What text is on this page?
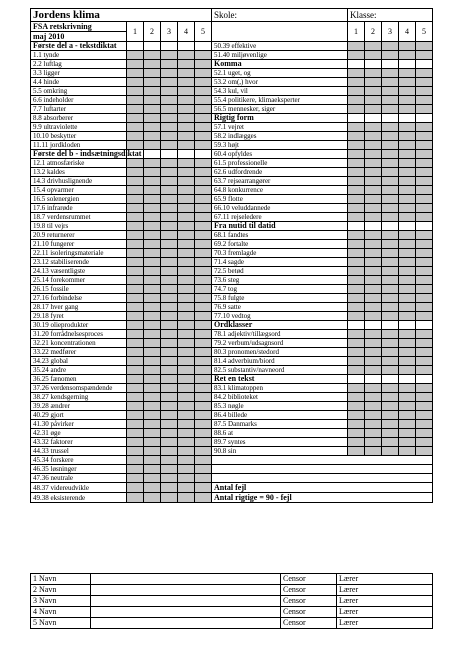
Jordens klima						Skole:	Klasse:				
FSA retskrivning	1	2	3	4	5		1	2	3	4	5
maj 2010											
Første del a - tekstdiktat						50.39 effektive					
1.1 tynde						51.40 miljøvenlige					
2.2 luftlag						Komma					
3.3 ligger						52.1 uget, og					
4.4 hinde						53.2 om(,) hvor					
5.5 omkring						54.3 kul, vil					
6.6 indeholder						55.4 politikere, klimaeksperter					
7.7 luftarter						56.5 mennesker, siger					
8.8 absorberer						Rigtig form					
9.9 ultraviolette						57.1 vejret					
10.10 beskytter						58.2 indlægges					
11.11 jordkloden						59.3 højt					
Første del b - indsætningsdiktat						60.4 opfyldes					
12.1 atmosfæriske						61.5 professionelle					
13.2 kaldes						62.6 udfordrende					
14.3 drivhuslignende						63.7 rejsearrangører					
15.4 opvarmer						64.8 konkurrence					
16.5 solenergien						65.9 flotte					
17.6 infrarøde						66.10 veluddannede					
18.7 verdensrummet						67.11 rejseledere					
19.8 til vejrs						Fra nutid til datid					
20.9 returnerer						68.1 fandtes					
21.10 fungerer						69.2 fortalte					
22.11 isoleringsmateriale						70.3 fremlagde					
23.12 stabiliserende						71.4 sagde					
24.13 væsentligste						72.5 betød					
25.14 forekommer						73.6 steg					
26.15 fossile						74.7 tog					
27.16 forbindelse						75.8 fulgte					
28.17 hver gang						76.9 satte					
29.18 fyret						77.10 vedtog					
30.19 olieprodukter						Ordklasser					
31.20 forrådnelsesproces						78.1 adjektiv/tillægsord					
32.21 koncentrationen						79.2 verbum/udsagnsord					
33.22 medfører						80.3 pronomen/stedord					
34.23 global						81.4 adverbium/biord					
35.24 andre						82.5 substantiv/navneord					
36.25 fænomen						Ret en tekst					
37.26 verdensomspændende						83.1 klimatoppen					
38.27 kendsgerning						84.2 biblioteket					
39.28 ændrer						85.3 nøgle					
40.29 gjort						86.4 billede					
41.30 påvirker						87.5 Danmarks					
42.31 øge						88.6 at					
43.32 faktorer						89.7 syntes					
44.33 trussel						90.8 sin					
45.34 forskere											
46.35 løsninger											
47.36 neutrale											
48.37 videreudvikle						Antal fejl					
49.38 eksisterende						Antal rigtige = 90 - fejl					
1 Navn		Censor	Lærer
2 Navn		Censor	Lærer
3 Navn		Censor	Lærer
4 Navn		Censor	Lærer
5 Navn		Censor	Lærer
